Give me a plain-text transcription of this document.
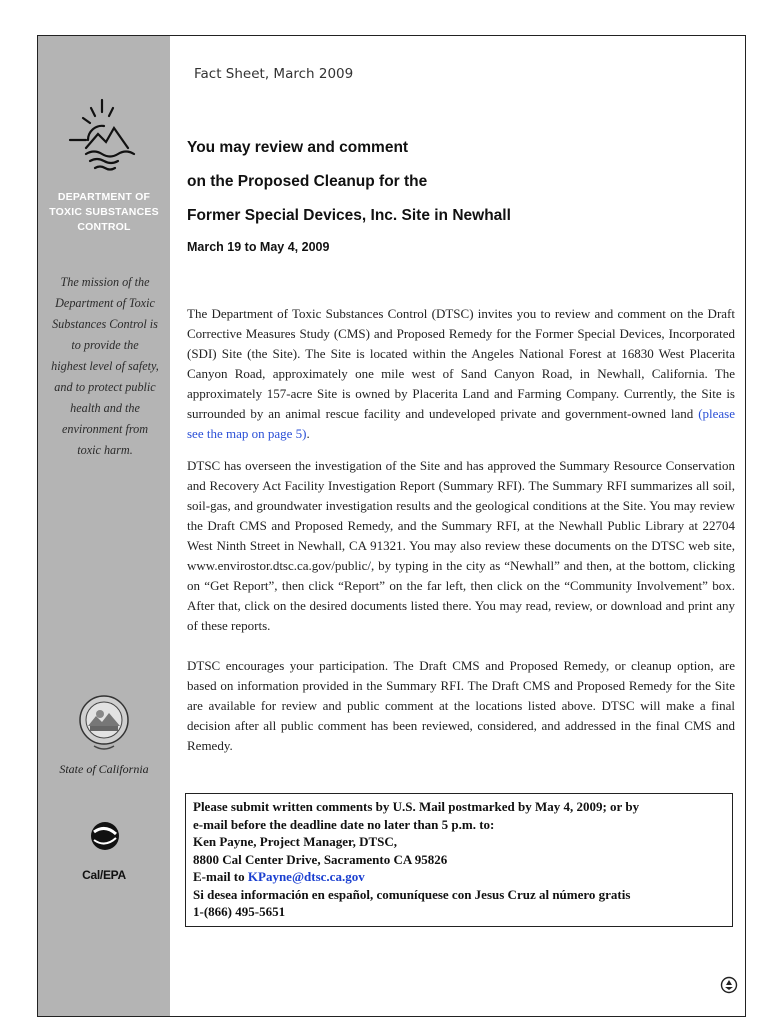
DEPARTMENT OF
TOXIC SUBSTANCES
CONTROL
The mission of the
Department of Toxic
Substances Control is
to provide the
highest level of safety,
and to protect public
health and the
environment from
toxic harm.
State of California
Cal/EPA
Fact Sheet, March 2009
You may review and comment
on the Proposed Cleanup for the
Former Special Devices, Inc. Site in Newhall
March 19 to May 4, 2009

The Department of Toxic Substances Control (DTSC) invites you to review and comment on the Draft Corrective Measures Study (CMS) and Proposed Remedy for the Former Special Devices, Incorporated (SDI) Site (the Site). The Site is located within the Angeles National Forest at 16830 West Placerita Canyon Road, approximately one mile west of Sand Canyon Road, in Newhall, California. The approximately 157-acre Site is owned by Placerita Land and Farming Company. Currently, the Site is surrounded by an animal rescue facility and undeveloped private and government-owned land (please see the map on page 5).

DTSC has overseen the investigation of the Site and has approved the Summary Resource Conservation and Recovery Act Facility Investigation Report (Summary RFI). The Summary RFI summarizes all soil, soil-gas, and groundwater investigation results and the geological conditions at the Site. You may review the Draft CMS and Proposed Remedy, and the Summary RFI, at the Newhall Public Library at 22704 West Ninth Street in Newhall, CA 91321. You may also review these documents on the DTSC web site, www.envirostor.dtsc.ca.gov/public/, by typing in the city as “Newhall” and then, at the bottom, clicking on “Get Report”, then click “Report” on the far left, then click on the “Community Involvement” box. After that, click on the desired documents listed there. You may read, review, or download and print any of these reports.

DTSC encourages your participation. The Draft CMS and Proposed Remedy, or cleanup option, are based on information provided in the Summary RFI. The Draft CMS and Proposed Remedy for the Site are available for review and public comment at the locations listed above. DTSC will make a final decision after all public comment has been reviewed, considered, and addressed in the final CMS and Remedy.

Please submit written comments by U.S. Mail postmarked by May 4, 2009; or by
e-mail before the deadline date no later than 5 p.m. to:
Ken Payne, Project Manager, DTSC,
8800 Cal Center Drive, Sacramento CA 95826
E-mail to KPayne@dtsc.ca.gov
Si desea información en español, comuníquese con Jesus Cruz al número gratis
1-(866) 495-5651
